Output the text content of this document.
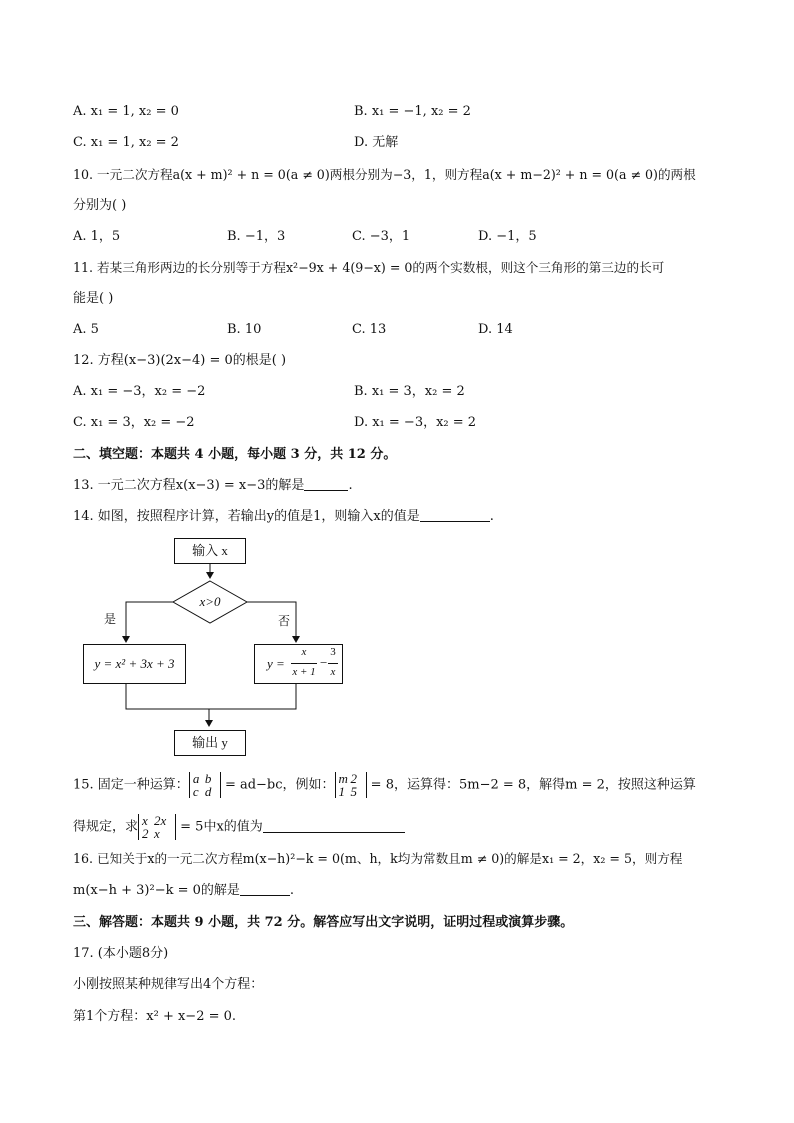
A. x₁ = 1, x₂ = 0	B. x₁ = −1, x₂ = 2
C. x₁ = 1, x₂ = 2	D. 无解
10. 一元二次方程a(x + m)² + n = 0(a ≠ 0)两根分别为−3，1，则方程a(x + m−2)² + n = 0(a ≠ 0)的两根
分别为( )
A. 1，5	B. −1，3	C. −3，1	D. −1，5
11. 若某三角形两边的长分别等于方程x²−9x + 4(9−x) = 0的两个实数根，则这个三角形的第三边的长可
能是( )
A. 5	B. 10	C. 13	D. 14
12. 方程(x−3)(2x−4) = 0的根是( )
A. x₁ = −3，x₂ = −2	B. x₁ = 3，x₂ = 2
C. x₁ = 3，x₂ = −2	D. x₁ = −3，x₂ = 2
二、填空题：本题共 4 小题，每小题 3 分，共 12 分。
13. 一元二次方程x(x−3) = x−3的解是	.
14. 如图，按照程序计算，若输出y的值是1，则输入x的值是	.
输入 x
x>0
是	否
y = x² + 3x + 3	y =
x
x + 1
−
3
x
输出 y
15. 固定一种运算： a b
c d = ad−bc，例如： m 2
1 5 = 8，运算得：5m−2 = 8，解得m = 2，按照这种运算
得规定，求 x 2x
2 x = 5中x的值为
16. 已知关于x的一元二次方程m(x−h)²−k = 0(m、h，k均为常数且m ≠ 0)的解是x₁ = 2，x₂ = 5，则方程
m(x−h + 3)²−k = 0的解是	.
三、解答题：本题共 9 小题，共 72 分。解答应写出文字说明，证明过程或演算步骤。
17. (本小题8分)
小刚按照某种规律写出4个方程：
第1个方程：x² + x−2 = 0.
